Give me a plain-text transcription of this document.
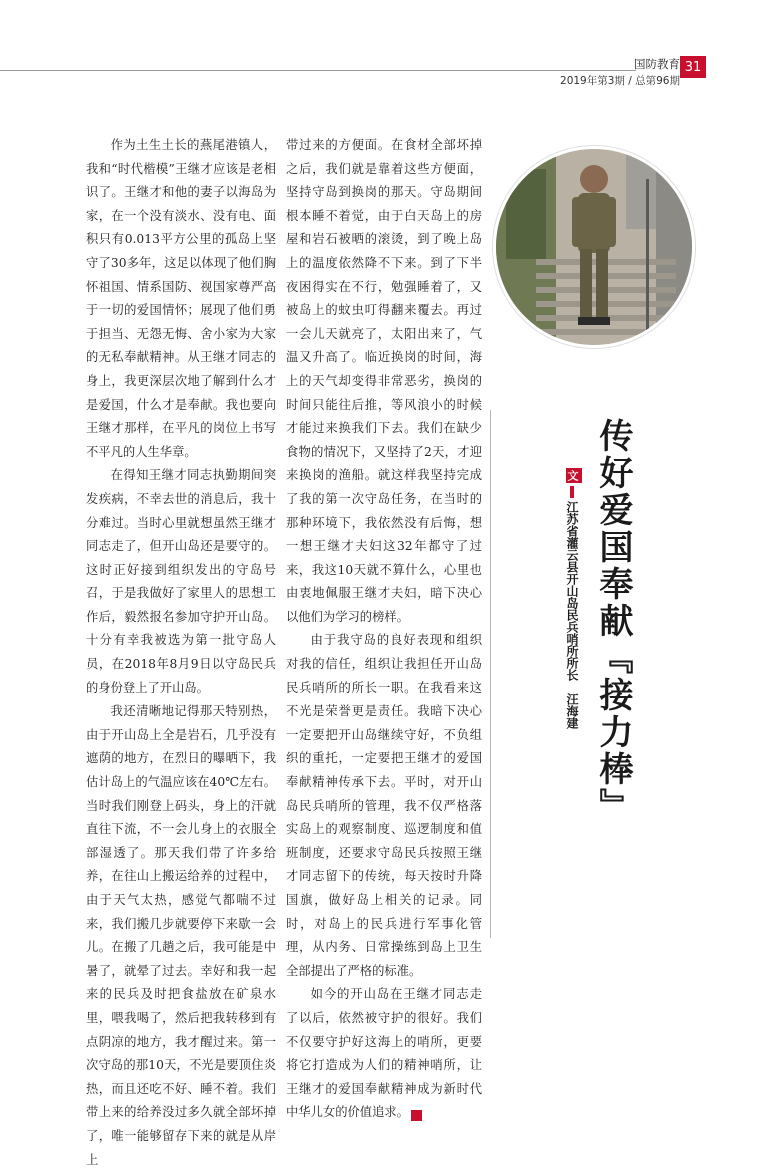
国防教育
2019年第3期 / 总第96期
31

作为土生土长的燕尾港镇人，我和“时代楷模”王继才应该是老相识了。王继才和他的妻子以海岛为家，在一个没有淡水、没有电、面积只有0.013平方公里的孤岛上坚守了30多年，这足以体现了他们胸怀祖国、情系国防、视国家尊严高于一切的爱国情怀；展现了他们勇于担当、无怨无悔、舍小家为大家的无私奉献精神。从王继才同志的身上，我更深层次地了解到什么才是爱国，什么才是奉献。我也要向王继才那样，在平凡的岗位上书写不平凡的人生华章。

在得知王继才同志执勤期间突发疾病，不幸去世的消息后，我十分难过。当时心里就想虽然王继才同志走了，但开山岛还是要守的。这时正好接到组织发出的守岛号召，于是我做好了家里人的思想工作后，毅然报名参加守护开山岛。十分有幸我被选为第一批守岛人员，在2018年8月9日以守岛民兵的身份登上了开山岛。

我还清晰地记得那天特别热，由于开山岛上全是岩石，几乎没有遮荫的地方，在烈日的曝晒下，我估计岛上的气温应该在40℃左右。当时我们刚登上码头，身上的汗就直往下流，不一会儿身上的衣服全部湿透了。那天我们带了许多给养，在往山上搬运给养的过程中，由于天气太热，感觉气都喘不过来，我们搬几步就要停下来歇一会儿。在搬了几趟之后，我可能是中暑了，就晕了过去。幸好和我一起来的民兵及时把食盐放在矿泉水里，喂我喝了，然后把我转移到有点阴凉的地方，我才醒过来。第一次守岛的那10天，不光是要顶住炎热，而且还吃不好、睡不着。我们带上来的给养没过多久就全部坏掉了，唯一能够留存下来的就是从岸上

带过来的方便面。在食材全部坏掉之后，我们就是靠着这些方便面，坚持守岛到换岗的那天。守岛期间根本睡不着觉，由于白天岛上的房屋和岩石被晒的滚烫，到了晚上岛上的温度依然降不下来。到了下半夜困得实在不行，勉强睡着了，又被岛上的蚊虫叮得翻来覆去。再过一会儿天就亮了，太阳出来了，气温又升高了。临近换岗的时间，海上的天气却变得非常恶劣，换岗的时间只能往后推，等风浪小的时候才能过来换我们下去。我们在缺少食物的情况下，又坚持了2天，才迎来换岗的渔船。就这样我坚持完成了我的第一次守岛任务，在当时的那种环境下，我依然没有后悔，想一想王继才夫妇这32年都守了过来，我这10天就不算什么，心里也由衷地佩服王继才夫妇，暗下决心以他们为学习的榜样。

由于我守岛的良好表现和组织对我的信任，组织让我担任开山岛民兵哨所的所长一职。在我看来这不光是荣誉更是责任。我暗下决心一定要把开山岛继续守好，不负组织的重托，一定要把王继才的爱国奉献精神传承下去。平时，对开山岛民兵哨所的管理，我不仅严格落实岛上的观察制度、巡逻制度和值班制度，还要求守岛民兵按照王继才同志留下的传统，每天按时升降国旗，做好岛上相关的记录。同时，对岛上的民兵进行军事化管理，从内务、日常操练到岛上卫生全部提出了严格的标准。

如今的开山岛在王继才同志走了以后，依然被守护的很好。我们不仅要守护好这海上的哨所，更要将它打造成为人们的精神哨所，让王继才的爱国奉献精神成为新时代中华儿女的价值追求。	G

传好爱国奉献『接力棒』
文江苏省灌云县开山岛民兵哨所所长汪海建
